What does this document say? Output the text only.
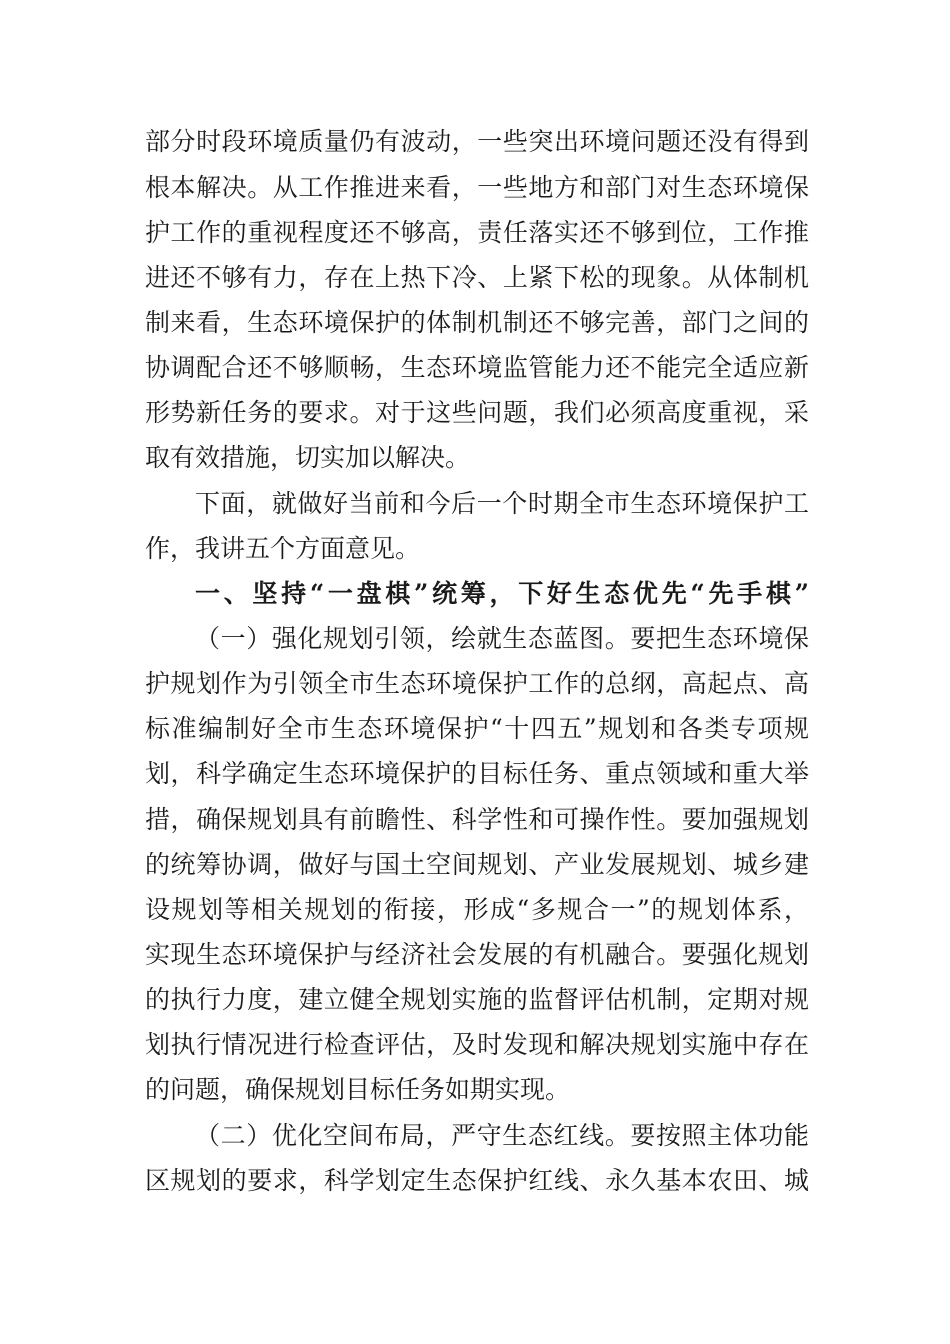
部分时段环境质量仍有波动，一些突出环境问题还没有得到
根本解决。从工作推进来看，一些地方和部门对生态环境保
护工作的重视程度还不够高，责任落实还不够到位，工作推
进还不够有力，存在上热下冷、上紧下松的现象。从体制机
制来看，生态环境保护的体制机制还不够完善，部门之间的
协调配合还不够顺畅，生态环境监管能力还不能完全适应新
形势新任务的要求。对于这些问题，我们必须高度重视，采
取有效措施，切实加以解决。
下面，就做好当前和今后一个时期全市生态环境保护工
作，我讲五个方面意见。
一、坚持“一盘棋”统筹，下好生态优先“先手棋”
（一）强化规划引领，绘就生态蓝图。要把生态环境保
护规划作为引领全市生态环境保护工作的总纲，高起点、高
标准编制好全市生态环境保护“十四五”规划和各类专项规
划，科学确定生态环境保护的目标任务、重点领域和重大举
措，确保规划具有前瞻性、科学性和可操作性。要加强规划
的统筹协调，做好与国土空间规划、产业发展规划、城乡建
设规划等相关规划的衔接，形成“多规合一”的规划体系，
实现生态环境保护与经济社会发展的有机融合。要强化规划
的执行力度，建立健全规划实施的监督评估机制，定期对规
划执行情况进行检查评估，及时发现和解决规划实施中存在
的问题，确保规划目标任务如期实现。
（二）优化空间布局，严守生态红线。要按照主体功能
区规划的要求，科学划定生态保护红线、永久基本农田、城
